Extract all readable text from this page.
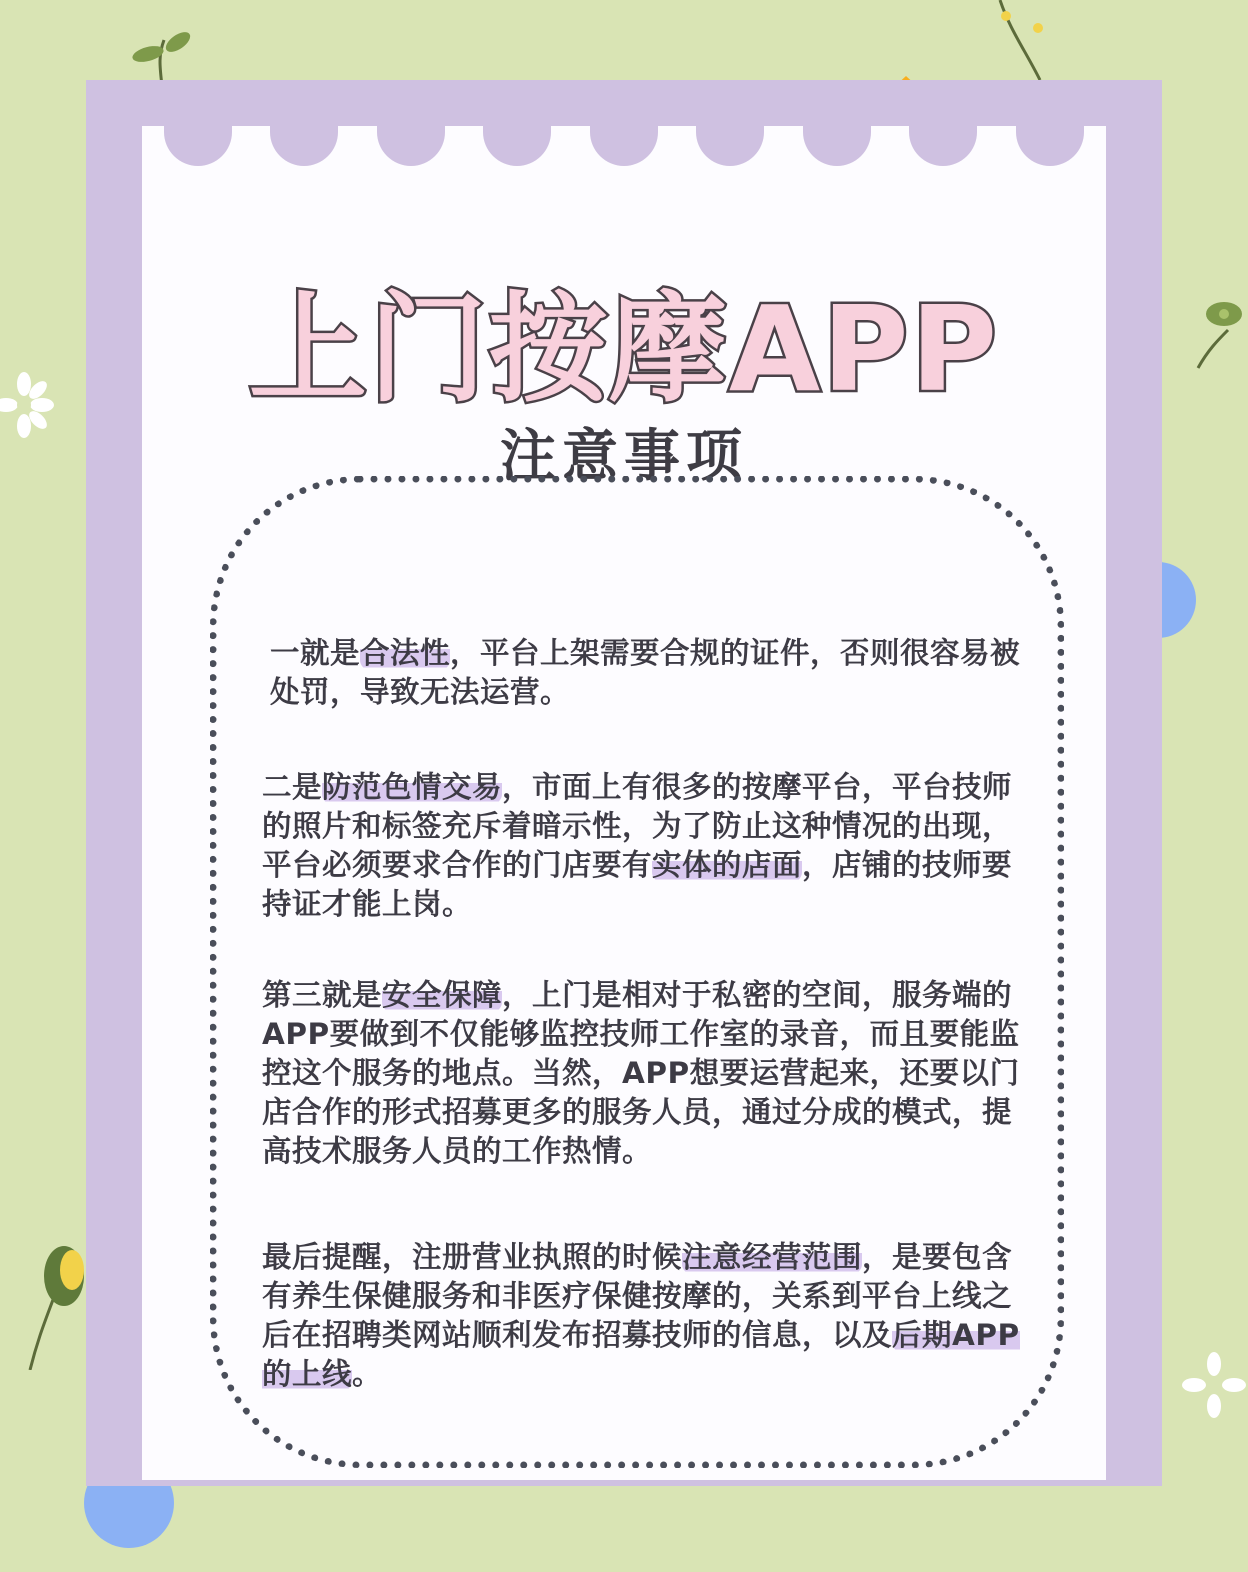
上门按摩APP
注意事项
一就是合法性，平台上架需要合规的证件，否则很容易被处罚，导致无法运营。
二是防范色情交易，市面上有很多的按摩平台，平台技师的照片和标签充斥着暗示性，为了防止这种情况的出现，平台必须要求合作的门店要有实体的店面，店铺的技师要持证才能上岗。
第三就是安全保障，上门是相对于私密的空间，服务端的APP要做到不仅能够监控技师工作室的录音，而且要能监控这个服务的地点。当然，APP想要运营起来，还要以门店合作的形式招募更多的服务人员，通过分成的模式，提高技术服务人员的工作热情。
最后提醒，注册营业执照的时候注意经营范围，是要包含有养生保健服务和非医疗保健按摩的，关系到平台上线之后在招聘类网站顺利发布招募技师的信息，以及后期APP的上线。
